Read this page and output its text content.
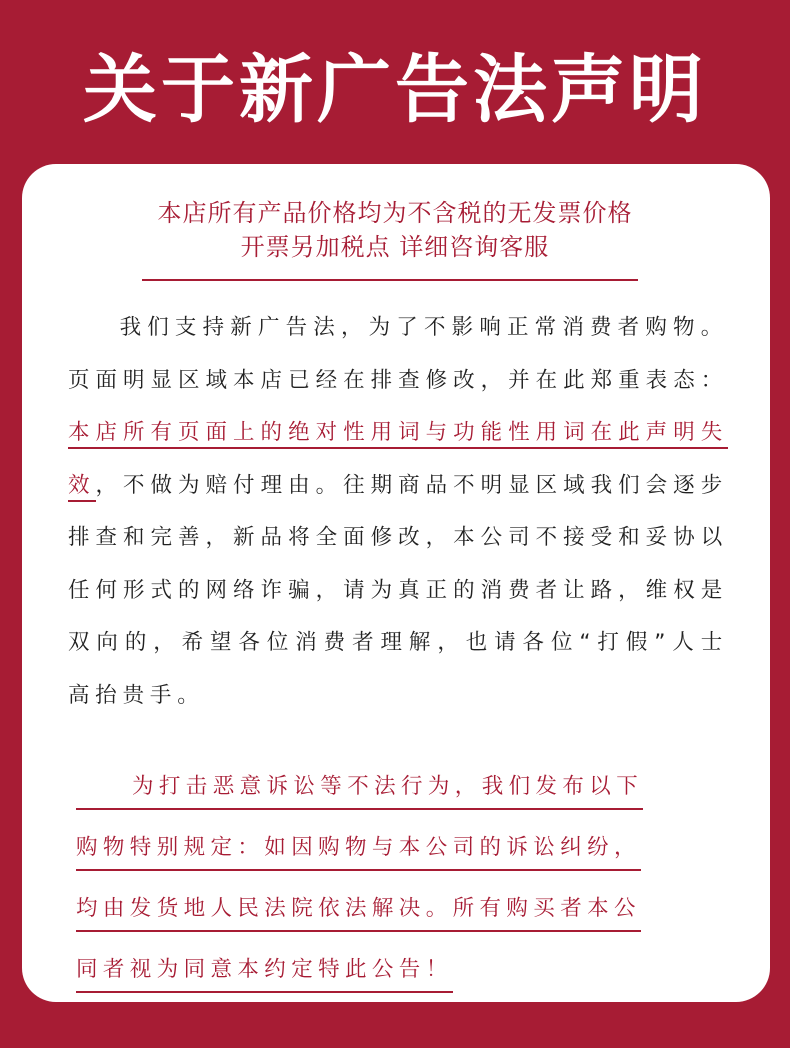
关于新广告法声明
本店所有产品价格均为不含税的无发票价格
开票另加税点 详细咨询客服

我们支持新广告法，为了不影响正常消费者购物。页面明显区域本店已经在排查修改，并在此郑重表态：本店所有页面上的绝对性用词与功能性用词在此声明失效，不做为赔付理由。往期商品不明显区域我们会逐步排查和完善，新品将全面修改，本公司不接受和妥协以任何形式的网络诈骗，请为真正的消费者让路，维权是双向的，希望各位消费者理解，也请各位“打假”人士高抬贵手。

为打击恶意诉讼等不法行为，我们发布以下
购物特别规定：如因购物与本公司的诉讼纠纷，
均由发货地人民法院依法解决。所有购买者本公
同者视为同意本约定特此公告！
